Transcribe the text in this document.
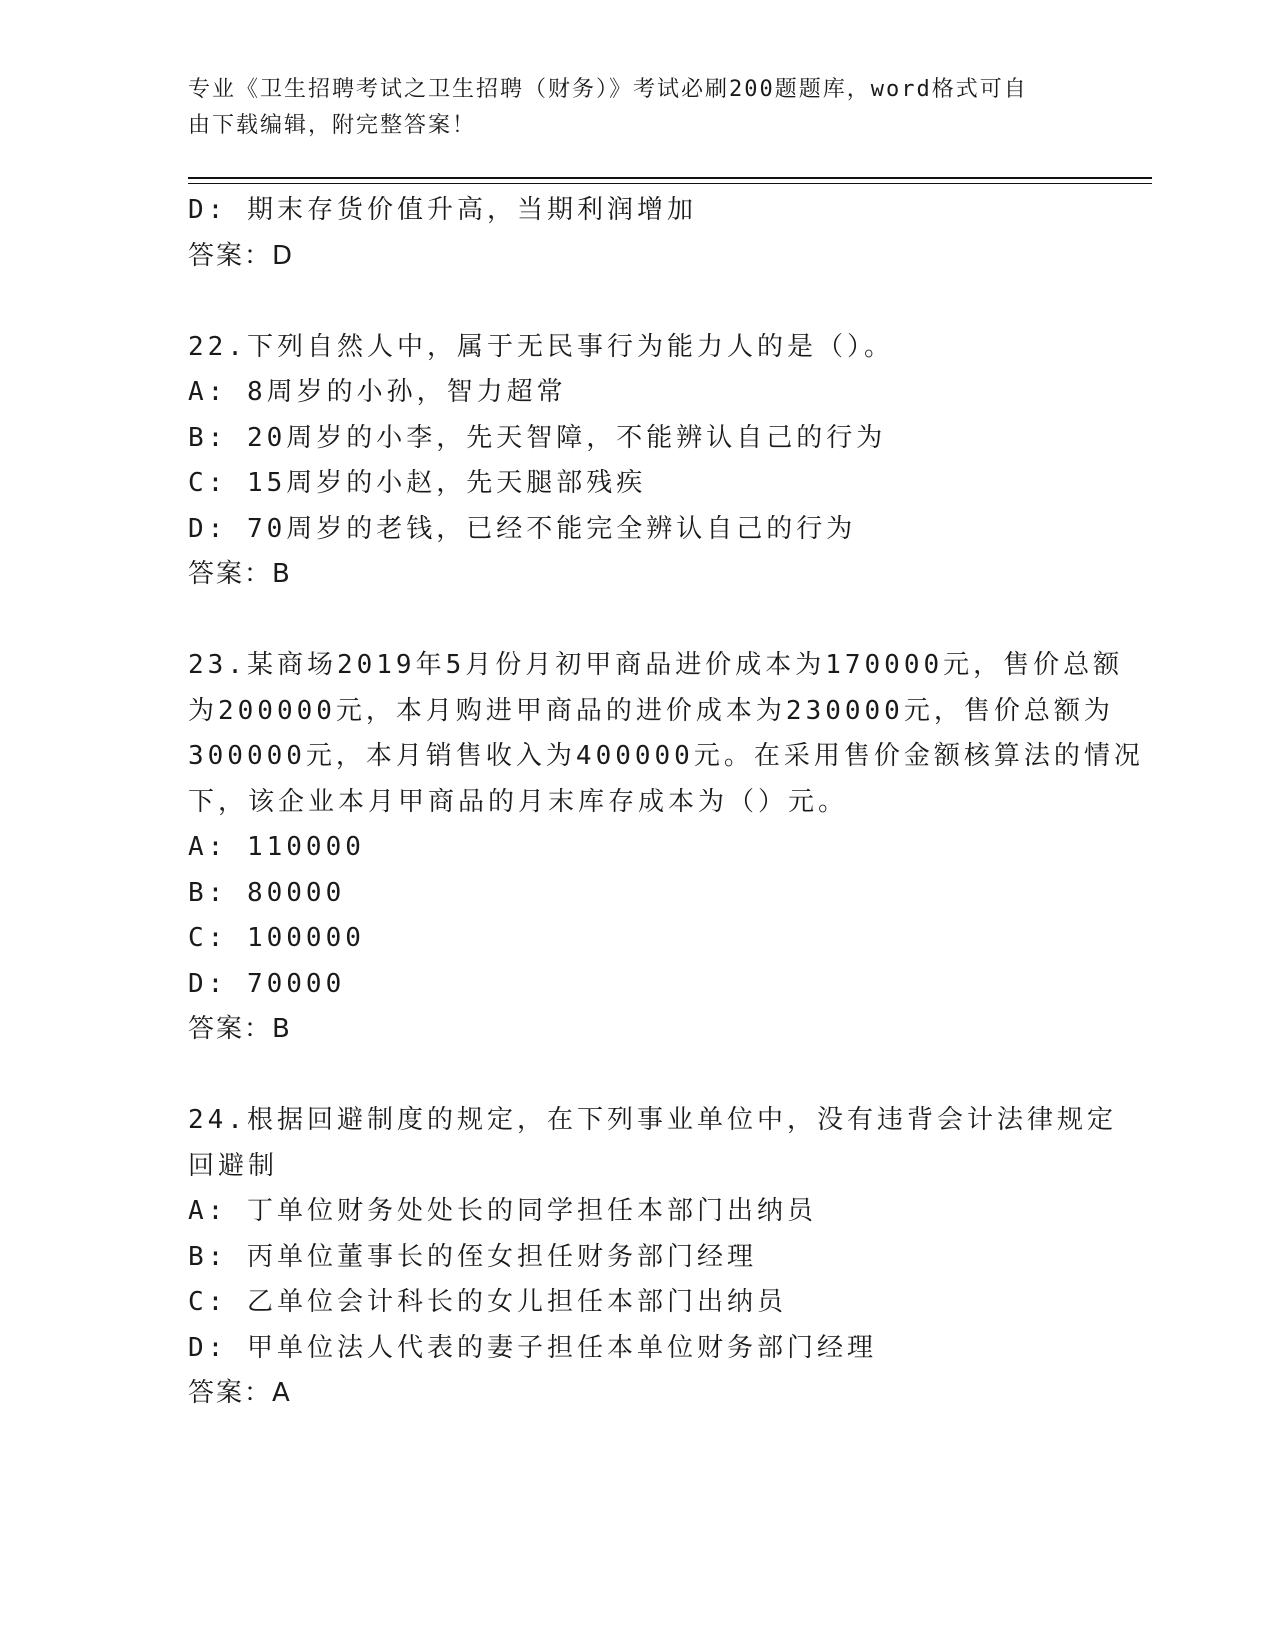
专业《卫生招聘考试之卫生招聘（财务）》考试必刷200题题库，word格式可自
由下载编辑，附完整答案！
D: 期末存货价值升高，当期利润增加
答案：D
22.下列自然人中，属于无民事行为能力人的是（）。
A: 8周岁的小孙，智力超常
B: 20周岁的小李，先天智障，不能辨认自己的行为
C: 15周岁的小赵，先天腿部残疾
D: 70周岁的老钱，已经不能完全辨认自己的行为
答案：B
23.某商场2019年5月份月初甲商品进价成本为170000元，售价总额
为200000元，本月购进甲商品的进价成本为230000元，售价总额为
300000元，本月销售收入为400000元。在采用售价金额核算法的情况
下，该企业本月甲商品的月末库存成本为（）元。
A: 110000
B: 80000
C: 100000
D: 70000
答案：B
24.根据回避制度的规定，在下列事业单位中，没有违背会计法律规定
回避制
A: 丁单位财务处处长的同学担任本部门出纳员
B: 丙单位董事长的侄女担任财务部门经理
C: 乙单位会计科长的女儿担任本部门出纳员
D: 甲单位法人代表的妻子担任本单位财务部门经理
答案：A
